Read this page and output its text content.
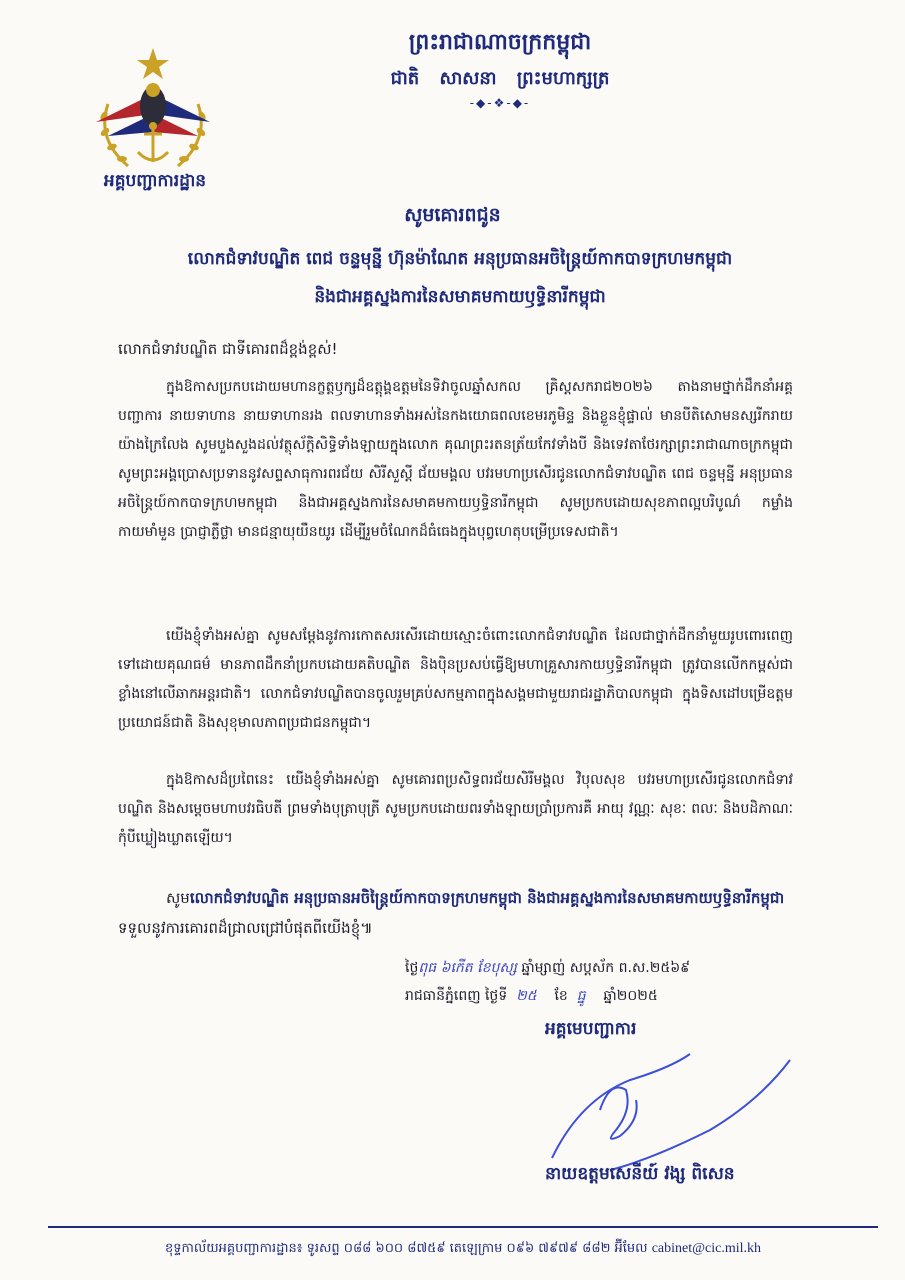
អគ្គបញ្ជាការដ្ឋាន
ព្រះរាជាណាចក្រកម្ពុជា
ជាតិ សាសនា ព្រះមហាក្សត្រ
-◆-❖-◆-
សូមគោរពជូន
លោកជំទាវបណ្ឌិត ពេជ ចន្ទមុន្នី ហ៊ុនម៉ាណែត អនុប្រធានអចិន្ត្រៃយ៍កាកបាទក្រហមកម្ពុជា
និងជាអគ្គស្នងការនៃសមាគមកាយឫទ្ធិនារីកម្ពុជា
លោកជំទាវបណ្ឌិត ជាទីគោរពដ៏ខ្ពង់ខ្ពស់!
ក្នុងឱកាសប្រកបដោយមហានក្ខត្តឫក្សដ៏ឧត្តុង្គឧត្តមនៃទិវាចូលឆ្នាំសកល គ្រិស្តសករាជ២០២៦ តាងនាមថ្នាក់ដឹកនាំអគ្គបញ្ជាការ នាយទាហាន នាយទាហានរង ពលទាហានទាំងអស់នៃកងយោធពលខេមរភូមិន្ទ និងខ្លួនខ្ញុំផ្ទាល់ មានបីតិសោមនស្សរីករាយយ៉ាងក្រៃលែង សូមបួងសួងដល់វត្ថុស័ក្តិសិទ្ធិទាំងឡាយក្នុងលោក គុណព្រះរតនត្រ័យកែវទាំងបី និងទេវតាថែរក្សាព្រះរាជាណាចក្រកម្ពុជា សូមព្រះអង្គប្រោសប្រទាននូវសព្ទសាធុការពរជ័យ សិរីសួស្តី ជ័យមង្គល បវរមហាប្រសើរជូនលោកជំទាវបណ្ឌិត ពេជ ចន្ទមុន្នី អនុប្រធានអចិន្ត្រៃយ៍កាកបាទក្រហមកម្ពុជា និងជាអគ្គស្នងការនៃសមាគមកាយឫទ្ធិនារីកម្ពុជា សូមប្រកបដោយសុខភាពល្អបរិបូណ៌ កម្លាំងកាយមាំមួន ប្រាជ្ញាភ្លឺថ្លា មានជន្មាយុយឺនយូរ ដើម្បីរួមចំណែកដ៏ធំធេងក្នុងបុព្វហេតុបម្រើប្រទេសជាតិ។
យើងខ្ញុំទាំងអស់គ្នា សូមសម្តែងនូវការកោតសរសើរដោយស្មោះចំពោះលោកជំទាវបណ្ឌិត ដែលជាថ្នាក់ដឹកនាំមួយរូបពោរពេញទៅដោយគុណធម៌ មានភាពដឹកនាំប្រកបដោយគតិបណ្ឌិត និងប៉ិនប្រសប់ធ្វើឱ្យមហាគ្រួសារកាយឫទ្ធិនារីកម្ពុជា ត្រូវបានលើកកម្ពស់ជាខ្លាំងនៅលើឆាកអន្តរជាតិ។ លោកជំទាវបណ្ឌិតបានចូលរួមគ្រប់សកម្មភាពក្នុងសង្គមជាមួយរាជរដ្ឋាភិបាលកម្ពុជា ក្នុងទិសដៅបម្រើឧត្តមប្រយោជន៍ជាតិ និងសុខុមាលភាពប្រជាជនកម្ពុជា។
ក្នុងឱកាសដ៏ប្រពៃនេះ យើងខ្ញុំទាំងអស់គ្នា សូមគោរពប្រសិទ្ធពរជ័យសិរីមង្គល វិបុលសុខ បវរមហាប្រសើរជូនលោកជំទាវបណ្ឌិត និងសម្តេចមហាបវរធិបតី ព្រមទាំងបុត្រាបុត្រី សូមប្រកបដោយពរទាំងឡាយប្រាំប្រការគឺ អាយុ វណ្ណៈ សុខៈ ពលៈ និងបដិភាណៈ កុំបីឃ្លៀងឃ្លាតឡើយ។
សូមលោកជំទាវបណ្ឌិត អនុប្រធានអចិន្ត្រៃយ៍កាកបាទក្រហមកម្ពុជា និងជាអគ្គស្នងការនៃសមាគមកាយឫទ្ធិនារីកម្ពុជា ទទួលនូវការគោរពដ៏ជ្រាលជ្រៅបំផុតពីយើងខ្ញុំ៕
ថ្ងៃពុធ ៦កើត ខែបុស្ស ឆ្នាំម្សាញ់ សប្តស័ក ព.ស.២៥៦៩
រាជធានីភ្នំពេញ ថ្ងៃទី ២៥ ខែ ធ្នូ ឆ្នាំ២០២៥
អគ្គមេបញ្ជាការ
នាយឧត្តមសេនីយ៍ វង្ស ពិសេន
ខុទ្ទកាល័យអគ្គបញ្ជាការដ្ឋាន៖ ទូរសព្ទ ០៨៨ ៦០០ ៨៧៥៩ តេឡេក្រាម ០៩៦ ៧៩៧៩ ៨៨២ អ៊ីមែល cabinet@cic.mil.kh
